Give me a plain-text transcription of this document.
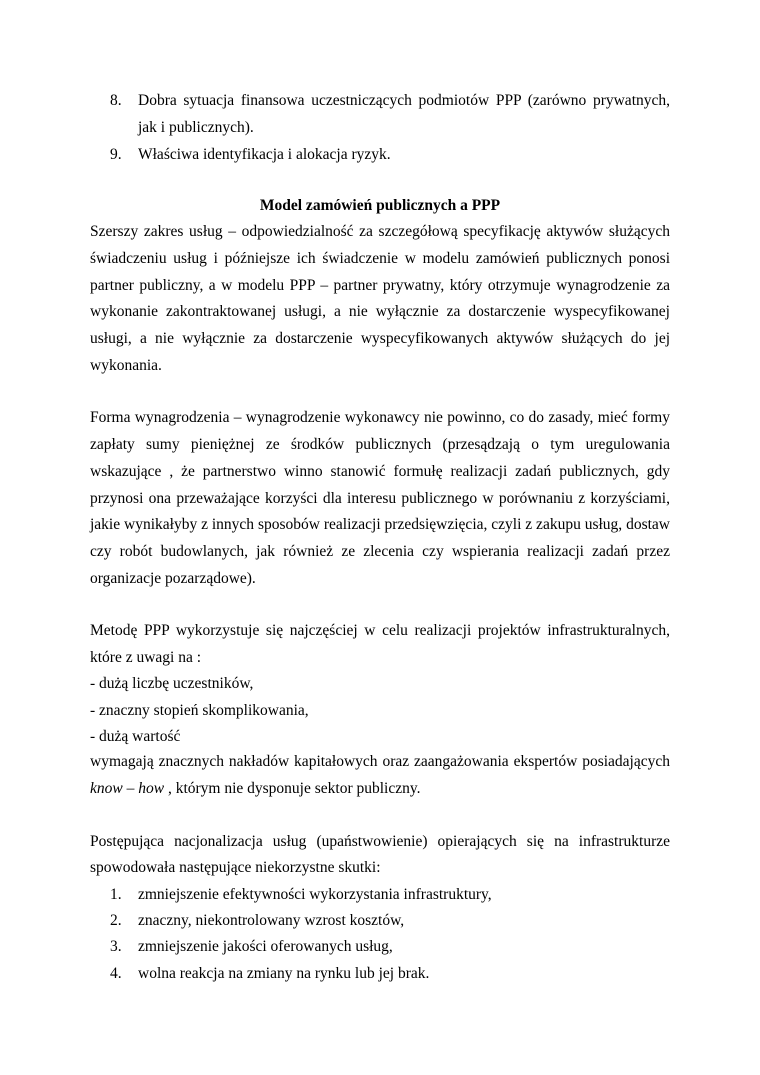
8. Dobra sytuacja finansowa uczestniczących podmiotów PPP (zarówno prywatnych,
jak i publicznych).
9. Właściwa identyfikacja i alokacja ryzyk.
Model zamówień publicznych a PPP
Szerszy zakres usług – odpowiedzialność za szczegółową specyfikację aktywów służących
świadczeniu usług i późniejsze ich świadczenie w modelu zamówień publicznych ponosi
partner publiczny, a w modelu PPP – partner prywatny, który otrzymuje wynagrodzenie za
wykonanie zakontraktowanej usługi, a nie wyłącznie za dostarczenie wyspecyfikowanej
usługi, a nie wyłącznie za dostarczenie wyspecyfikowanych aktywów służących do jej
wykonania.
Forma wynagrodzenia – wynagrodzenie wykonawcy nie powinno, co do zasady, mieć formy
zapłaty sumy pieniężnej ze środków publicznych (przesądzają o tym uregulowania
wskazujące , że partnerstwo winno stanowić formułę realizacji zadań publicznych, gdy
przynosi ona przeważające korzyści dla interesu publicznego w porównaniu z korzyściami,
jakie wynikałyby z innych sposobów realizacji przedsięwzięcia, czyli z zakupu usług, dostaw
czy robót budowlanych, jak również ze zlecenia czy wspierania realizacji zadań przez
organizacje pozarządowe).
Metodę PPP wykorzystuje się najczęściej w celu realizacji projektów infrastrukturalnych,
które z uwagi na :
- dużą liczbę uczestników,
- znaczny stopień skomplikowania,
- dużą wartość
wymagają znacznych nakładów kapitałowych oraz zaangażowania ekspertów posiadających
know – how , którym nie dysponuje sektor publiczny.
Postępująca nacjonalizacja usług (upaństwowienie) opierających się na infrastrukturze
spowodowała następujące niekorzystne skutki:
1. zmniejszenie efektywności wykorzystania infrastruktury,
2. znaczny, niekontrolowany wzrost kosztów,
3. zmniejszenie jakości oferowanych usług,
4. wolna reakcja na zmiany na rynku lub jej brak.
